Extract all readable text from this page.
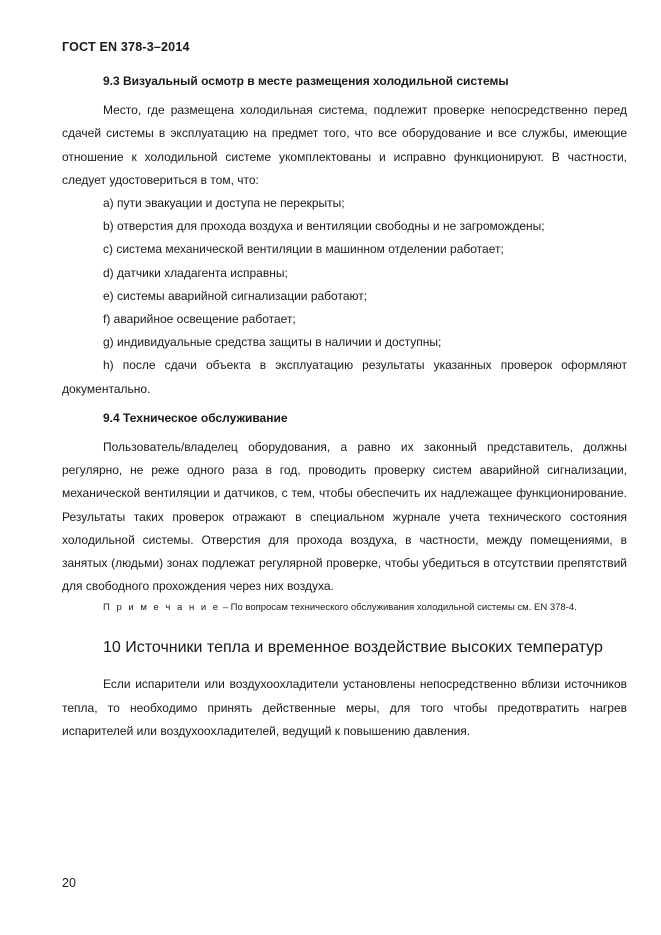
ГОСТ EN 378-3–2014
9.3 Визуальный осмотр в месте размещения холодильной системы

Место, где размещена холодильная система, подлежит проверке непосредственно перед сдачей системы в эксплуатацию на предмет того, что все оборудование и все службы, имеющие отношение к холодильной системе укомплектованы и исправно функционируют. В частности, следует удостовериться в том, что:

a) пути эвакуации и доступа не перекрыты;
b) отверстия для прохода воздуха и вентиляции свободны и не загромождены;
c) система механической вентиляции в машинном отделении работает;
d) датчики хладагента исправны;
e) системы аварийной сигнализации работают;
f) аварийное освещение работает;
g) индивидуальные средства защиты в наличии и доступны;

h) после сдачи объекта в эксплуатацию результаты указанных проверок оформляют документально.

9.4 Техническое обслуживание

Пользователь/владелец оборудования, а равно их законный представитель, должны регулярно, не реже одного раза в год, проводить проверку систем аварийной сигнализации, механической вентиляции и датчиков, с тем, чтобы обеспечить их надлежащее функционирование. Результаты таких проверок отражают в специальном журнале учета технического состояния холодильной системы. Отверстия для прохода воздуха, в частности, между помещениями, в занятых (людьми) зонах подлежат регулярной проверке, чтобы убедиться в отсутствии препятствий для свободного прохождения через них воздуха.

П р и м е ч а н и е – По вопросам технического обслуживания холодильной системы см. EN 378-4.
10 Источники тепла и временное воздействие высоких температур

Если испарители или воздухоохладители установлены непосредственно вблизи источников тепла, то необходимо принять действенные меры, для того чтобы предотвратить нагрев испарителей или воздухоохладителей, ведущий к повышению давления.

20
